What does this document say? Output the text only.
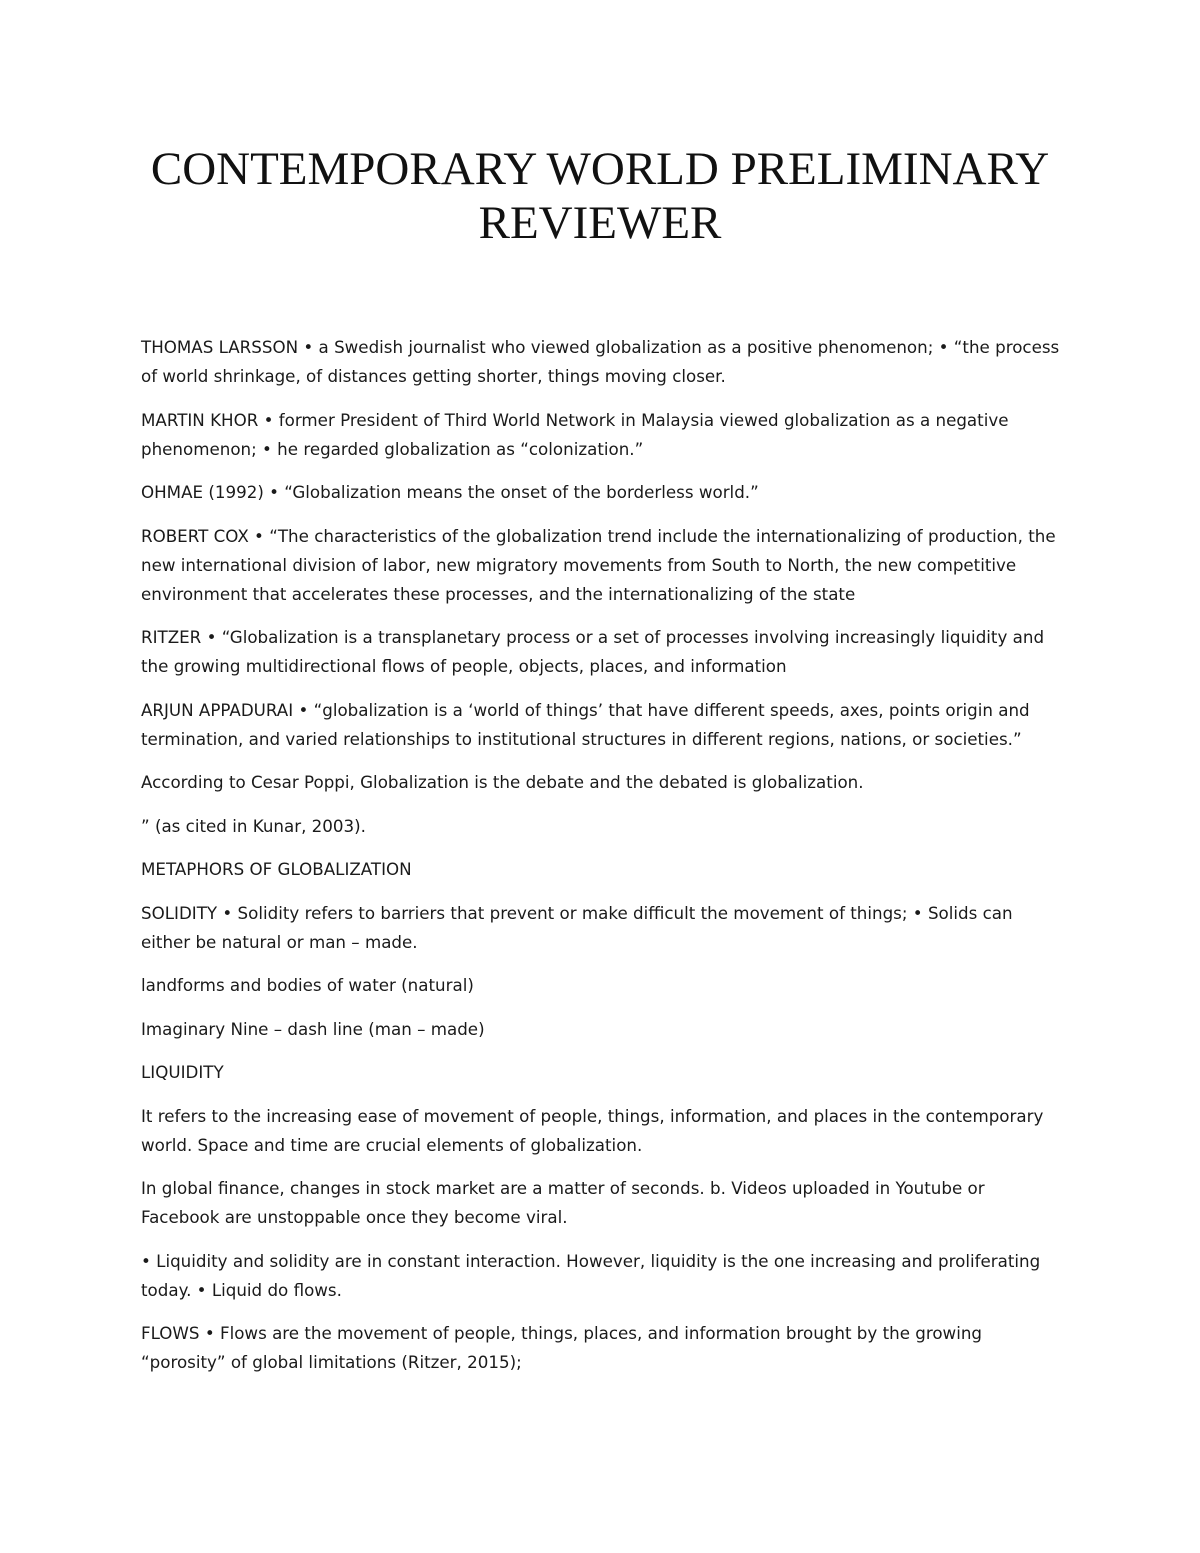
CONTEMPORARY WORLD PRELIMINARY
REVIEWER

THOMAS LARSSON • a Swedish journalist who viewed globalization as a positive phenomenon; • “the process of world shrinkage, of distances getting shorter, things moving closer.

MARTIN KHOR • former President of Third World Network in Malaysia viewed globalization as a negative phenomenon; • he regarded globalization as “colonization.”

OHMAE (1992) • “Globalization means the onset of the borderless world.”

ROBERT COX • “The characteristics of the globalization trend include the internationalizing of production, the new international division of labor, new migratory movements from South to North, the new competitive environment that accelerates these processes, and the internationalizing of the state

RITZER • “Globalization is a transplanetary process or a set of processes involving increasingly liquidity and the growing multidirectional flows of people, objects, places, and information

ARJUN APPADURAI • “globalization is a ‘world of things’ that have different speeds, axes, points origin and termination, and varied relationships to institutional structures in different regions, nations, or societies.”

According to Cesar Poppi, Globalization is the debate and the debated is globalization.

” (as cited in Kunar, 2003).

METAPHORS OF GLOBALIZATION

SOLIDITY • Solidity refers to barriers that prevent or make difficult the movement of things; • Solids can either be natural or man – made.

landforms and bodies of water (natural)

Imaginary Nine – dash line (man – made)

LIQUIDITY

It refers to the increasing ease of movement of people, things, information, and places in the contemporary world. Space and time are crucial elements of globalization.

In global finance, changes in stock market are a matter of seconds. b. Videos uploaded in Youtube or Facebook are unstoppable once they become viral.

• Liquidity and solidity are in constant interaction. However, liquidity is the one increasing and proliferating today. • Liquid do flows.

FLOWS • Flows are the movement of people, things, places, and information brought by the growing “porosity” of global limitations (Ritzer, 2015);
